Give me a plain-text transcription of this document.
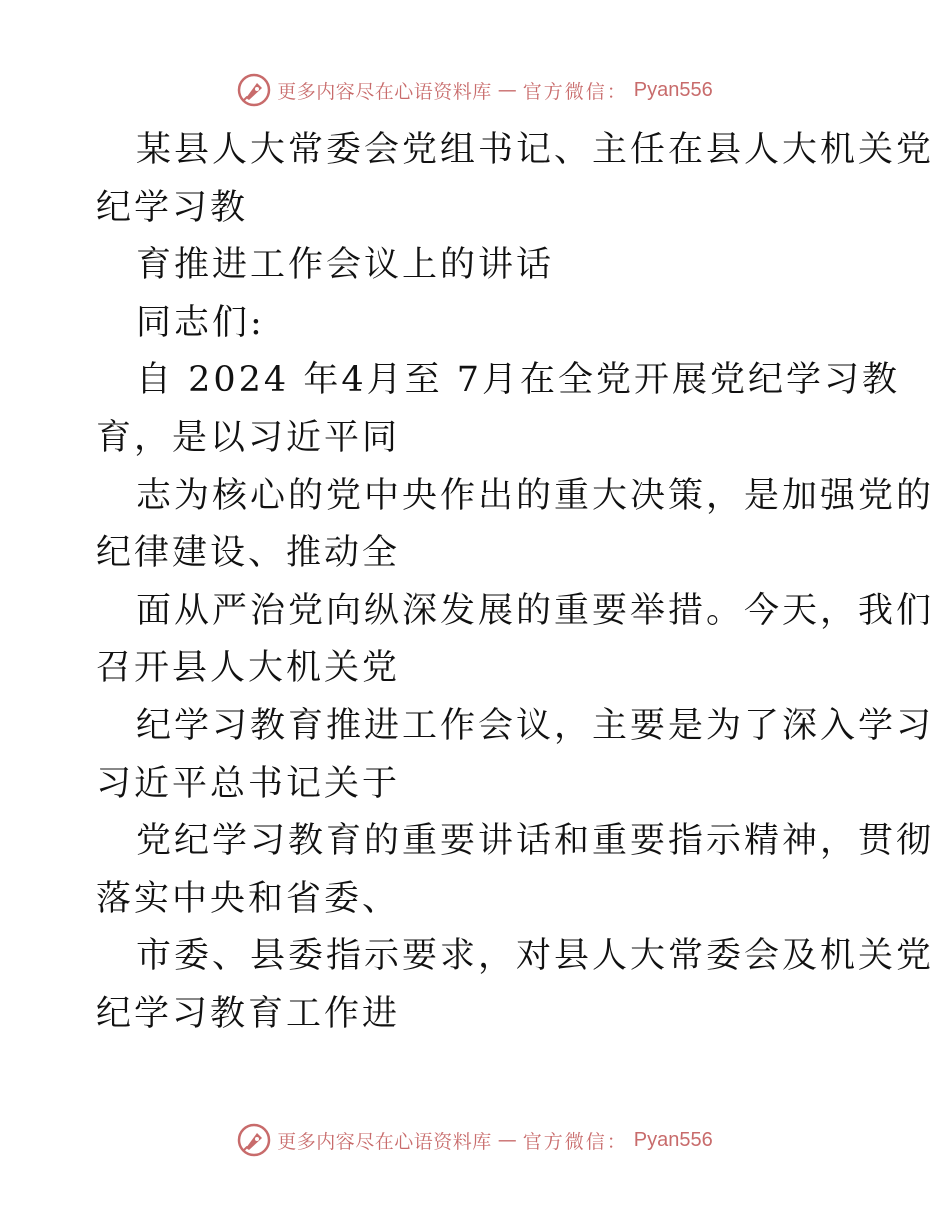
更多内容尽在心语资料库 — 官方微信： Pyan556
某县人大常委会党组书记、主任在县人大机关党
纪学习教
育推进工作会议上的讲话
同志们:
自 2024 年4月至 7月在全党开展党纪学习教
育，是以习近平同
志为核心的党中央作出的重大决策，是加强党的
纪律建设、推动全
面从严治党向纵深发展的重要举措。今天，我们
召开县人大机关党
纪学习教育推进工作会议，主要是为了深入学习
习近平总书记关于
党纪学习教育的重要讲话和重要指示精神，贯彻
落实中央和省委、
市委、县委指示要求，对县人大常委会及机关党
纪学习教育工作进
更多内容尽在心语资料库 — 官方微信： Pyan556
